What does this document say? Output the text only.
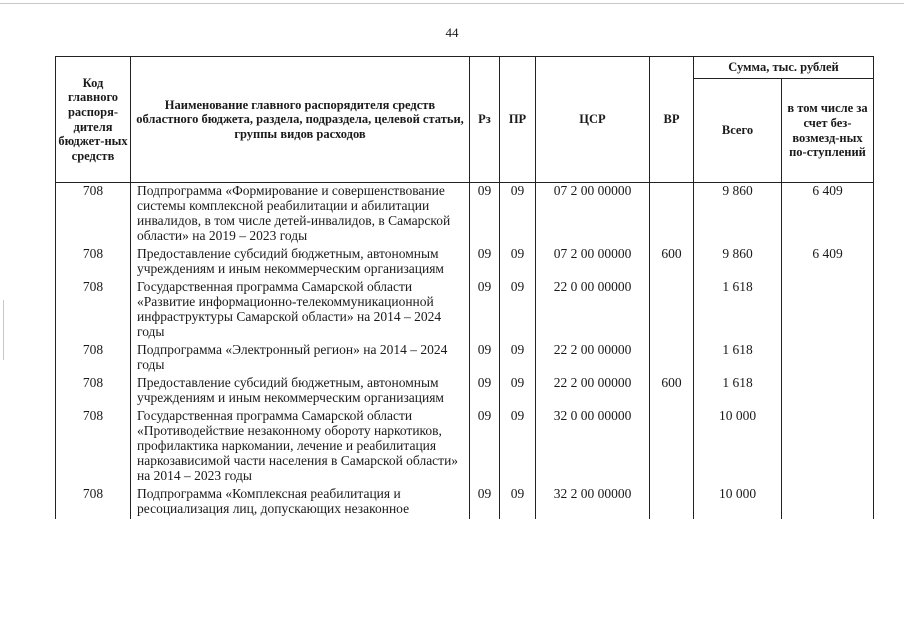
44
Код главного распоря-дителя бюджет-ных средств	Наименование главного распорядителя средств областного бюджета, раздела, подраздела, целевой статьи, группы видов расходов	Рз	ПР	ЦСР	ВР	Сумма, тыс. рублей	
						Всего	в том числе за счет без-возмезд-ных по-ступлений
708	Подпрограмма «Формирование и совершенствование системы комплексной реабилитации и абилитации инвалидов, в том числе детей-инвалидов, в Самарской области» на 2019 – 2023 годы	09	09	07 2 00 00000		9 860	6 409
708	Предоставление субсидий бюджетным, автономным учреждениям и иным некоммерческим организациям	09	09	07 2 00 00000	600	9 860	6 409
708	Государственная программа Самарской области «Развитие информационно-телекоммуникационной инфраструктуры Самарской области» на 2014 – 2024 годы	09	09	22 0 00 00000		1 618	
708	Подпрограмма «Электронный регион» на 2014 – 2024 годы	09	09	22 2 00 00000		1 618	
708	Предоставление субсидий бюджетным, автономным учреждениям и иным некоммерческим организациям	09	09	22 2 00 00000	600	1 618	
708	Государственная программа Самарской области «Противодействие незаконному обороту наркотиков, профилактика наркомании, лечение и реабилитация наркозависимой части населения в Самарской области» на 2014 – 2023 годы	09	09	32 0 00 00000		10 000	
708	Подпрограмма «Комплексная реабилитация и ресоциализация лиц, допускающих незаконное	09	09	32 2 00 00000		10 000	
